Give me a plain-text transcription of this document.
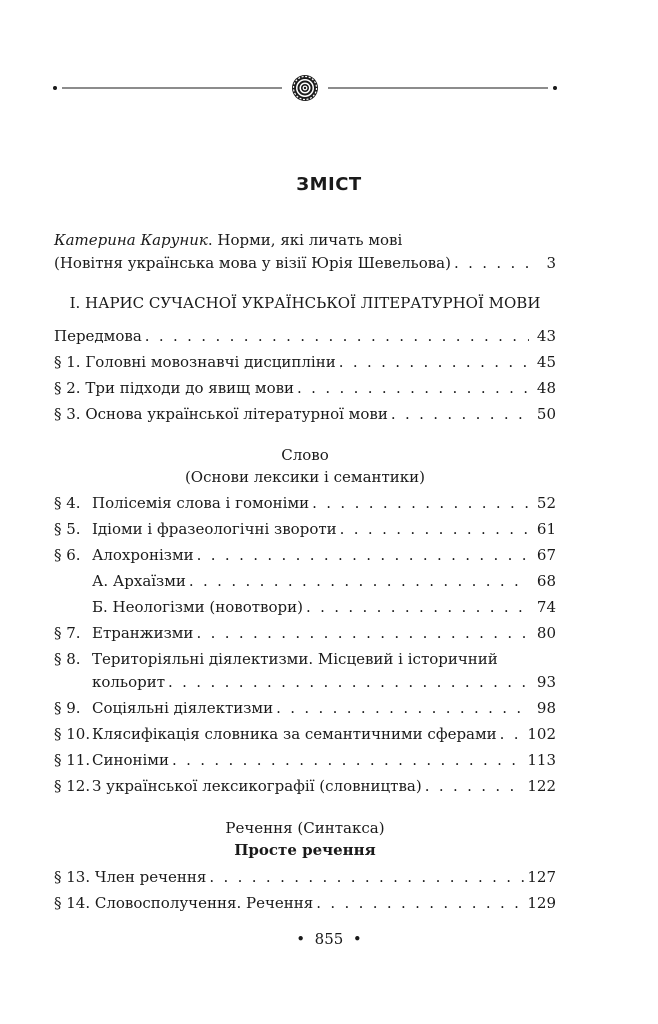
ЗМІСТ
Катерина Каруник. Норми, які личать мові
(Новітня українська мова у візії Юрія Шевельова) . . .	3
І. НАРИС СУЧАСНОЇ УКРАЇНСЬКОЇ ЛІТЕРАТУРНОЇ МОВИ
Передмова . . .	43
§ 1. Головні мовознавчі дисципліни . . .	45
§ 2. Три підходи до явищ мови . . .	48
§ 3. Основа української літературної мови . . .	50
Слово
(Основи лексики і семантики)
§ 4. Полісемія слова і гомоніми . . .	52
§ 5. Ідіоми і фразеологічні звороти . . .	61
§ 6. Алохронізми . . .	67
А. Архаїзми . . .	68
Б. Неологізми (новотвори) . . .	74
§ 7. Етранжизми . . .	80
§ 8. Територіяльні діялектизми. Місцевий і історичний
кольорит . . .	93
§ 9. Соціяльні діялектизми . . .	98
§ 10. Клясифікація словника за семантичними сферами . . . 102
§ 11. Синоніми . . .	113
§ 12. З української лексикографії (словництва) . . .	122
Речення (Синтакса)
Просте речення
§ 13. Член речення . . .	127
§ 14. Словосполучення. Речення . . .	129
• 855 •
